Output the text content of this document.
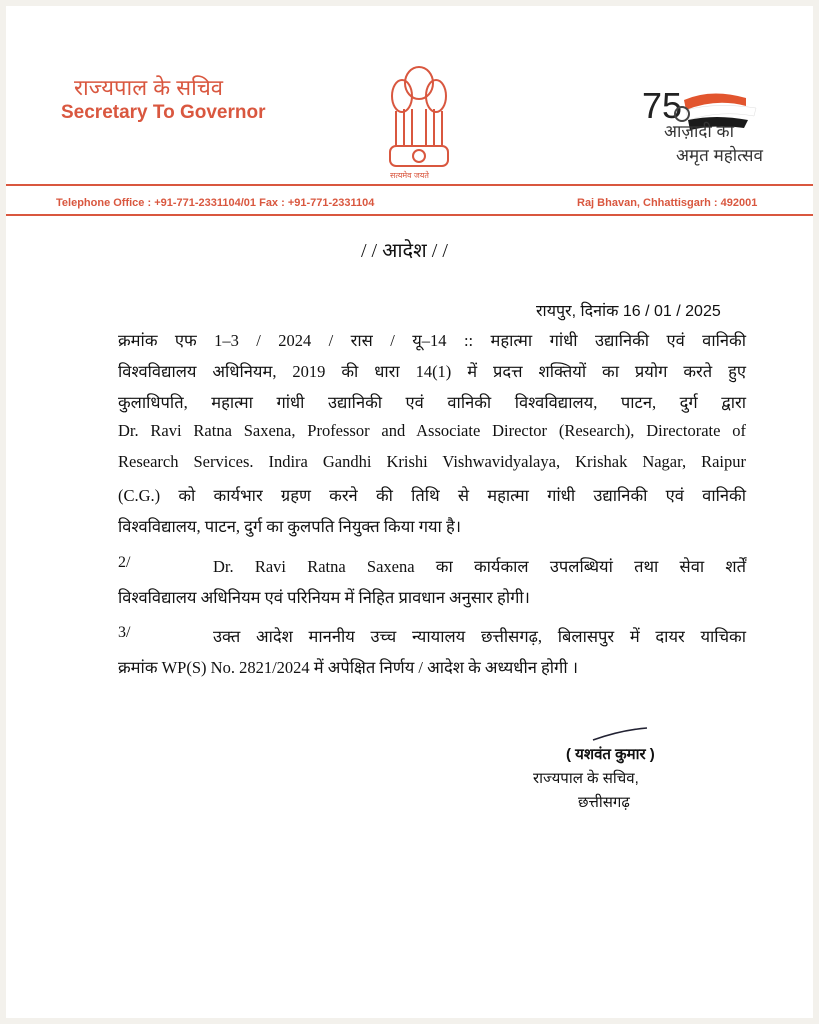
राज्यपाल के सचिव
Secretary To Governor
सत्यमेव जयते
75
आज़ादी का
अमृत महोत्सव
Telephone Office : +91-771-2331104/01 Fax : +91-771-2331104	Raj Bhavan, Chhattisgarh : 492001
/ / आदेश / /
रायपुर, दिनांक 16 / 01 / 2025
क्रमांक एफ 1–3 / 2024 / रास / यू–14 :: महात्मा गांधी उद्यानिकी एवं वानिकी
विश्वविद्यालय अधिनियम, 2019 की धारा 14(1) में प्रदत्त शक्तियों का प्रयोग करते हुए
कुलाधिपति, महात्मा गांधी उद्यानिकी एवं वानिकी विश्वविद्यालय, पाटन, दुर्ग द्वारा
Dr. Ravi Ratna Saxena, Professor and Associate Director (Research), Directorate of
Research Services. Indira Gandhi Krishi Vishwavidyalaya, Krishak Nagar, Raipur
(C.G.) को कार्यभार ग्रहण करने की तिथि से महात्मा गांधी उद्यानिकी एवं वानिकी
विश्वविद्यालय, पाटन, दुर्ग का कुलपति नियुक्त किया गया है।
2/	Dr. Ravi Ratna Saxena का कार्यकाल उपलब्धियां तथा सेवा शर्तें
विश्वविद्यालय अधिनियम एवं परिनियम में निहित प्रावधान अनुसार होगी।
3/	उक्त आदेश माननीय उच्च न्यायालय छत्तीसगढ़, बिलासपुर में दायर याचिका
क्रमांक WP(S) No. 2821/2024 में अपेक्षित निर्णय / आदेश के अध्यधीन होगी ।
( यशवंत कुमार )
राज्यपाल के सचिव,
छत्तीसगढ़
